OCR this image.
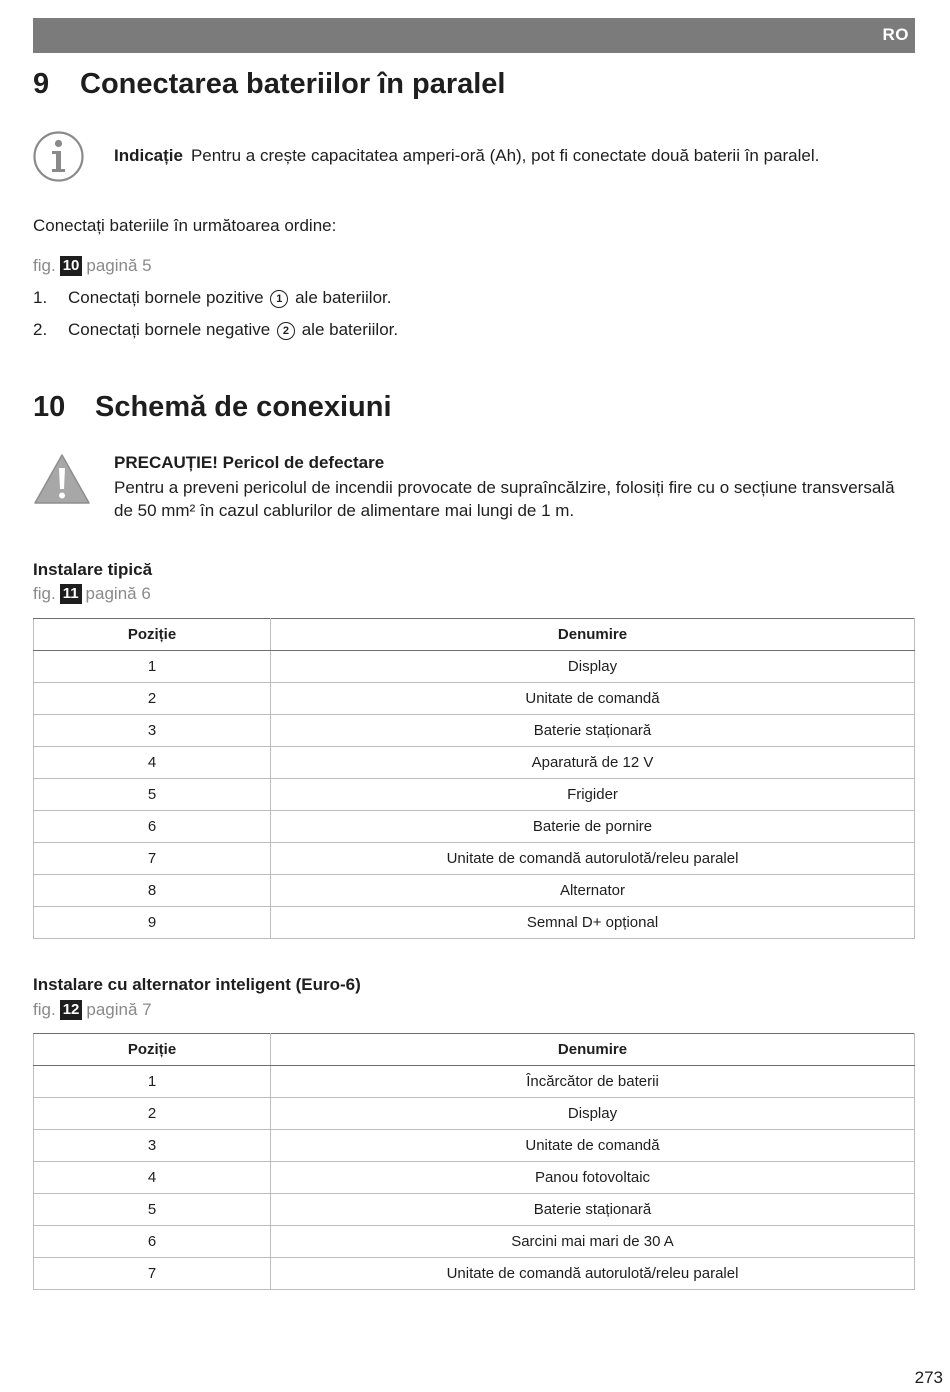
RO
9 Conectarea bateriilor în paralel
Indicație Pentru a crește capacitatea amperi-oră (Ah), pot fi conectate două baterii în paralel.
Conectați bateriile în următoarea ordine:
fig. 10 pagină 5
1. Conectați bornele pozitive 1 ale bateriilor.
2. Conectați bornele negative 2 ale bateriilor.
10 Schemă de conexiuni
PRECAUȚIE! Pericol de defectare
Pentru a preveni pericolul de incendii provocate de supraîncălzire, folosiți fire cu o secțiune transversală de 50 mm² în cazul cablurilor de alimentare mai lungi de 1 m.
Instalare tipică
fig. 11 pagină 6
Poziție	Denumire
1	Display
2	Unitate de comandă
3	Baterie staționară
4	Aparatură de 12 V
5	Frigider
6	Baterie de pornire
7	Unitate de comandă autorulotă/releu paralel
8	Alternator
9	Semnal D+ opțional
Instalare cu alternator inteligent (Euro-6)
fig. 12 pagină 7
Poziție	Denumire
1	Încărcător de baterii
2	Display
3	Unitate de comandă
4	Panou fotovoltaic
5	Baterie staționară
6	Sarcini mai mari de 30 A
7	Unitate de comandă autorulotă/releu paralel
273
